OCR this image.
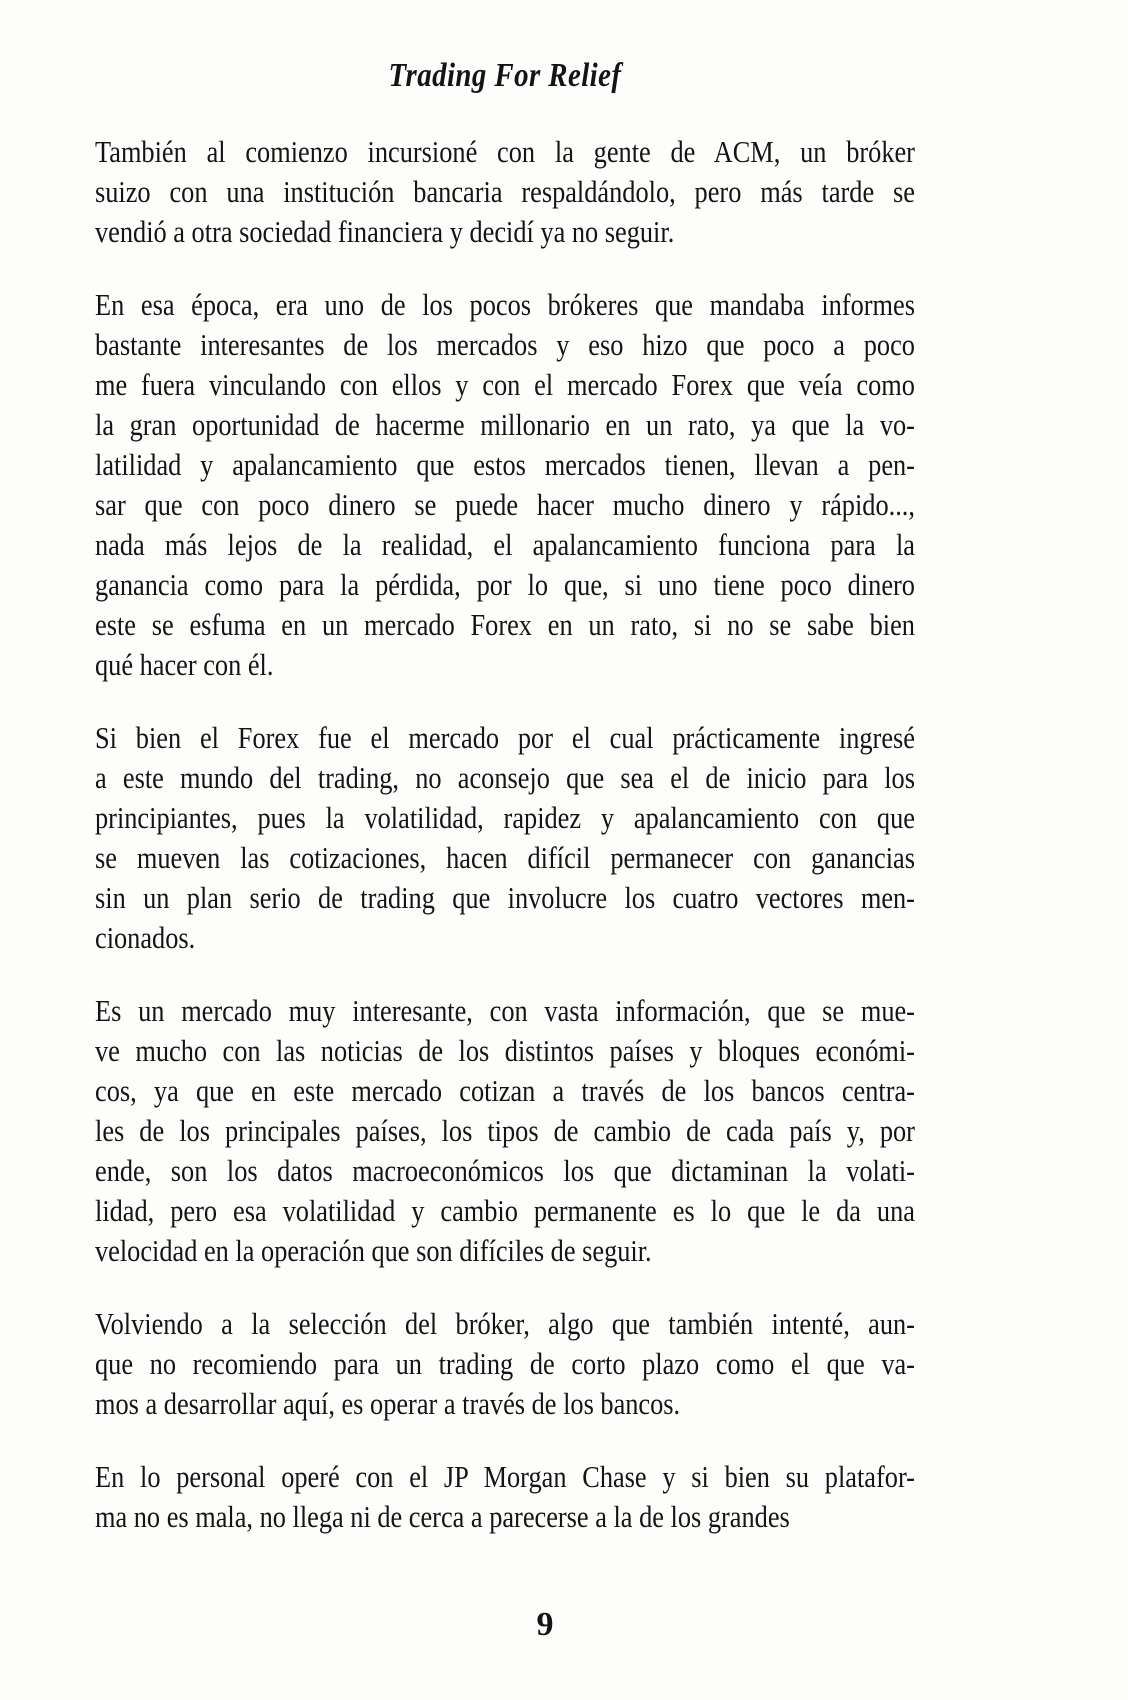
Trading For Relief
También al comienzo incursioné con la gente de ACM, un bróker
suizo con una institución bancaria respaldándolo, pero más tarde se
vendió a otra sociedad financiera y decidí ya no seguir.
En esa época, era uno de los pocos brókeres que mandaba informes
bastante interesantes de los mercados y eso hizo que poco a poco
me fuera vinculando con ellos y con el mercado Forex que veía como
la gran oportunidad de hacerme millonario en un rato, ya que la vo-
latilidad y apalancamiento que estos mercados tienen, llevan a pen-
sar que con poco dinero se puede hacer mucho dinero y rápido...,
nada más lejos de la realidad, el apalancamiento funciona para la
ganancia como para la pérdida, por lo que, si uno tiene poco dinero
este se esfuma en un mercado Forex en un rato, si no se sabe bien
qué hacer con él.
Si bien el Forex fue el mercado por el cual prácticamente ingresé
a este mundo del trading, no aconsejo que sea el de inicio para los
principiantes, pues la volatilidad, rapidez y apalancamiento con que
se mueven las cotizaciones, hacen difícil permanecer con ganancias
sin un plan serio de trading que involucre los cuatro vectores men-
cionados.
Es un mercado muy interesante, con vasta información, que se mue-
ve mucho con las noticias de los distintos países y bloques económi-
cos, ya que en este mercado cotizan a través de los bancos centra-
les de los principales países, los tipos de cambio de cada país y, por
ende, son los datos macroeconómicos los que dictaminan la volati-
lidad, pero esa volatilidad y cambio permanente es lo que le da una
velocidad en la operación que son difíciles de seguir.
Volviendo a la selección del bróker, algo que también intenté, aun-
que no recomiendo para un trading de corto plazo como el que va-
mos a desarrollar aquí, es operar a través de los bancos.
En lo personal operé con el JP Morgan Chase y si bien su platafor-
ma no es mala, no llega ni de cerca a parecerse a la de los grandes
9
